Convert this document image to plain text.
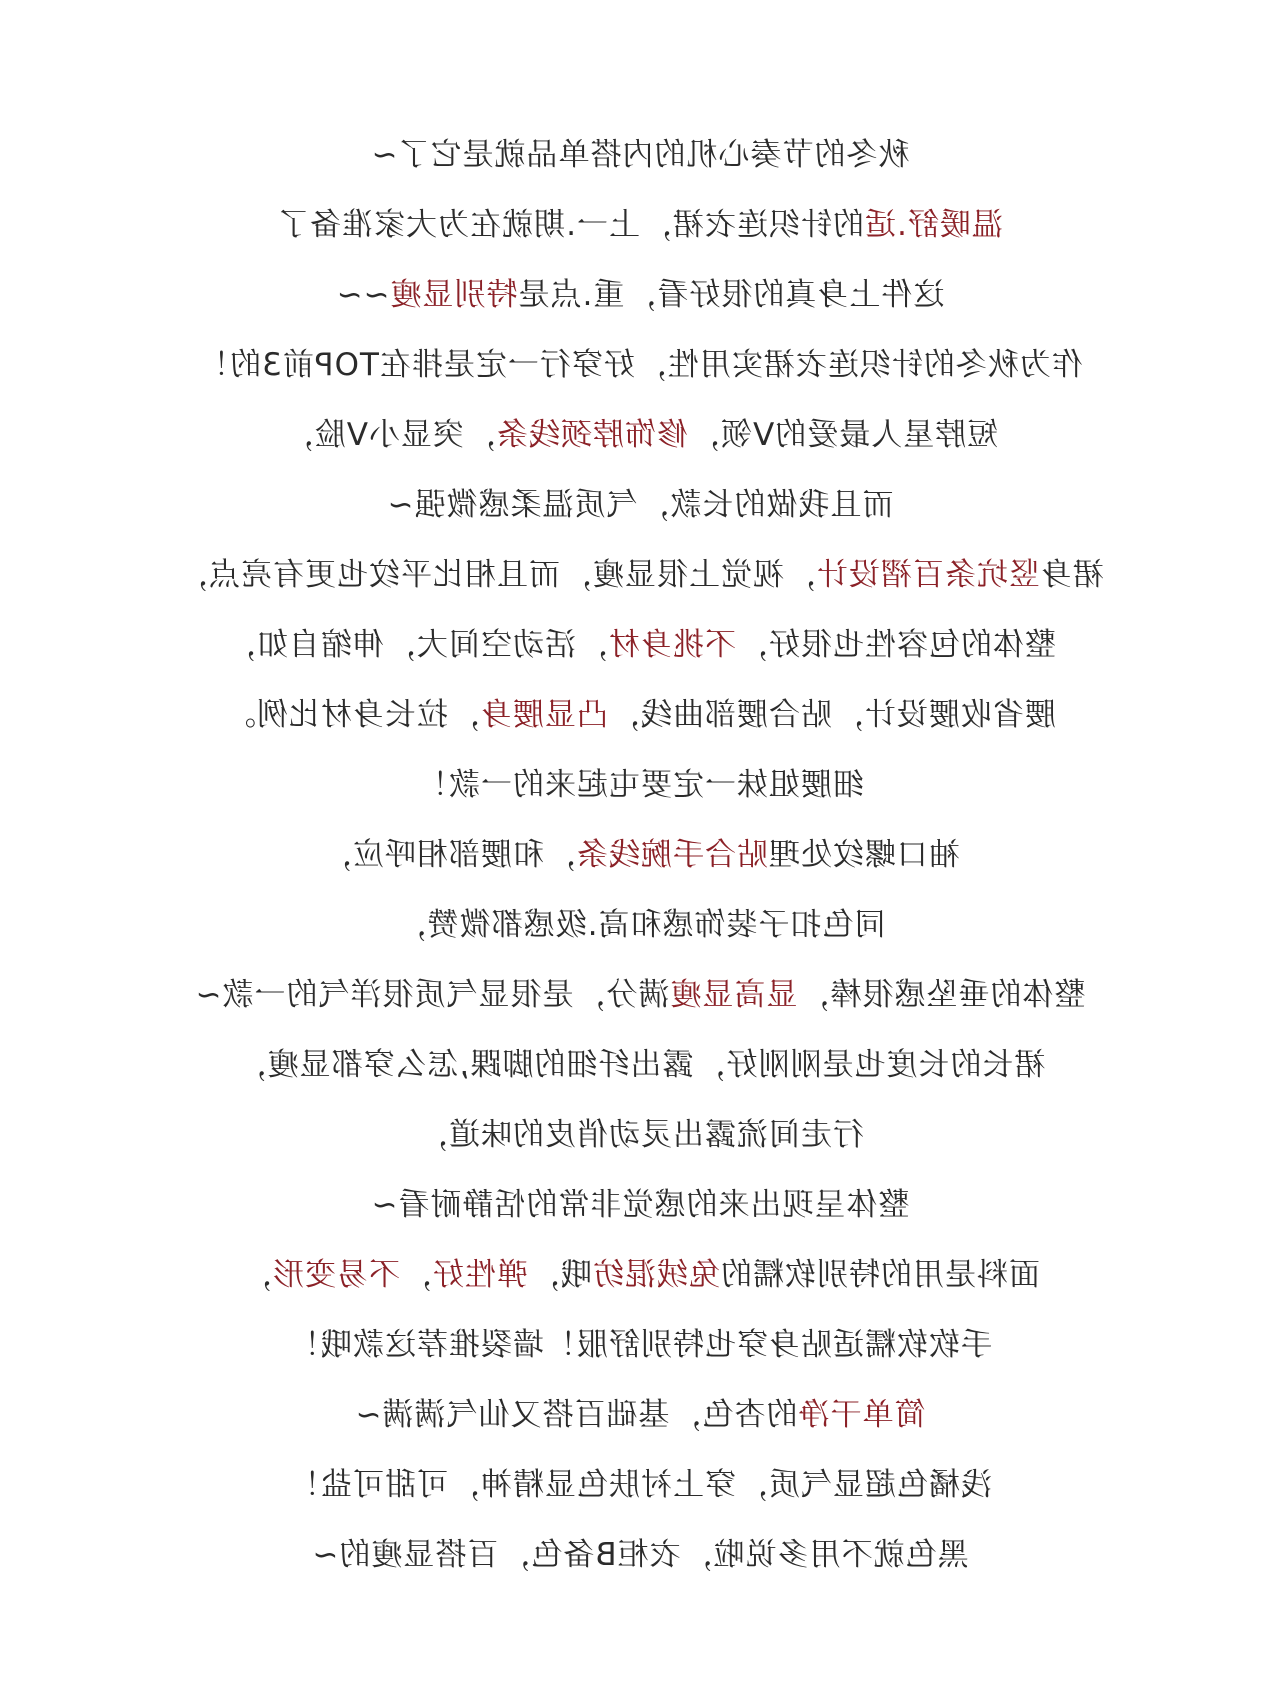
秋冬的节奏心机的内搭单品就是它了~
温暖舒.适的针织连衣裙，上一.期就在为大家准备了
这件上身真的很好看，重.点是特别显瘦~~
作为秋冬的针织连衣裙实用性，好穿行一定是排在TOP前3的！
短脖星人最爱的V领，修饰脖颈线条，突显小V脸，
而且我做的长款，气质温柔感微强~
裙身竖坑条百褶设计，视觉上很显瘦，而且相比平纹也更有亮点，
整体的包容性也很好，不挑身材，活动空间大，伸缩自如，
腰省收腰设计，贴合腰部曲线，凸显腰身，拉长身材比例。
细腰姐妹一定要屯起来的一款！
袖口螺纹处理贴合手腕线条，和腰部相呼应，
同色扣子装饰感和高.级感都微赞，
整体的垂坠感很棒，显高显瘦满分，是很显气质很洋气的一款~
裙长的长度也是刚刚好，露出纤细的脚踝,怎么穿都显瘦，
行走间流露出灵动俏皮的味道，
整体呈现出来的感觉非常的恬静耐看~
面料是用的特别软糯的兔绒混纺哦，弹性好，不易变形，
手软软糯适贴身穿也特别舒服！墙裂推荐这款哦！
简单干净的杏色，基础百搭又仙气满满~
浅橘色超显气质，穿上衬肤色显精神，可甜可盐！
黑色就不用多说啦，衣柜B备色，百搭显瘦的~
